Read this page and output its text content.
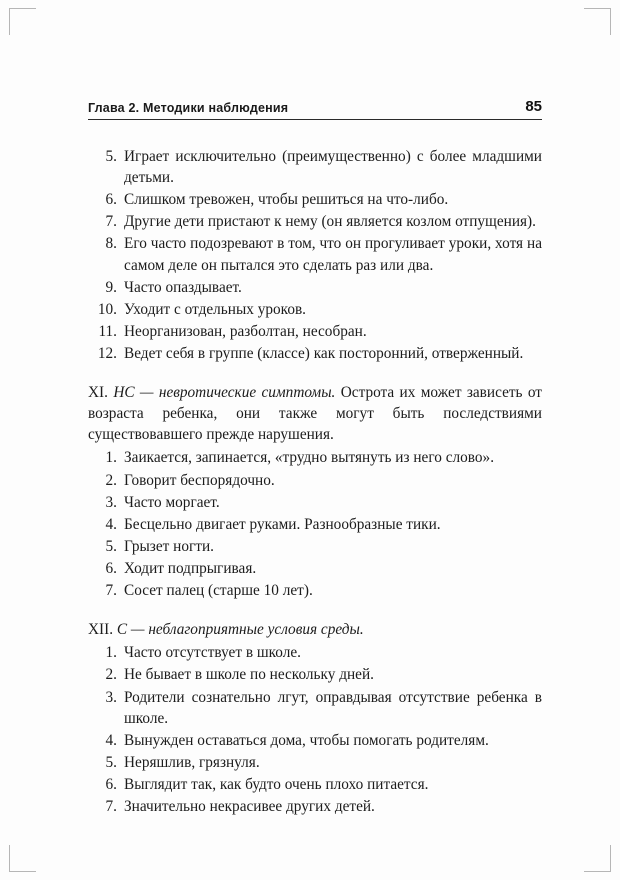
Глава 2. Методики наблюдения	85
5. Играет исключительно (преимущественно) с более младшими детьми.
6. Слишком тревожен, чтобы решиться на что-либо.
7. Другие дети пристают к нему (он является козлом отпущения).
8. Его часто подозревают в том, что он прогуливает уроки, хотя на самом деле он пытался это сделать раз или два.
9. Часто опаздывает.
10. Уходит с отдельных уроков.
11. Неорганизован, разболтан, несобран.
12. Ведет себя в группе (классе) как посторонний, отверженный.

XI. НС — невротические симптомы. Острота их может зависеть от возраста ребенка, они также могут быть последствиями существовавшего прежде нарушения.

1. Заикается, запинается, «трудно вытянуть из него слово».
2. Говорит беспорядочно.
3. Часто моргает.
4. Бесцельно двигает руками. Разнообразные тики.
5. Грызет ногти.
6. Ходит подпрыгивая.
7. Сосет палец (старше 10 лет).

XII. С — неблагоприятные условия среды.

1. Часто отсутствует в школе.
2. Не бывает в школе по нескольку дней.
3. Родители сознательно лгут, оправдывая отсутствие ребенка в школе.
4. Вынужден оставаться дома, чтобы помогать родителям.
5. Неряшлив, грязнуля.
6. Выглядит так, как будто очень плохо питается.
7. Значительно некрасивее других детей.
